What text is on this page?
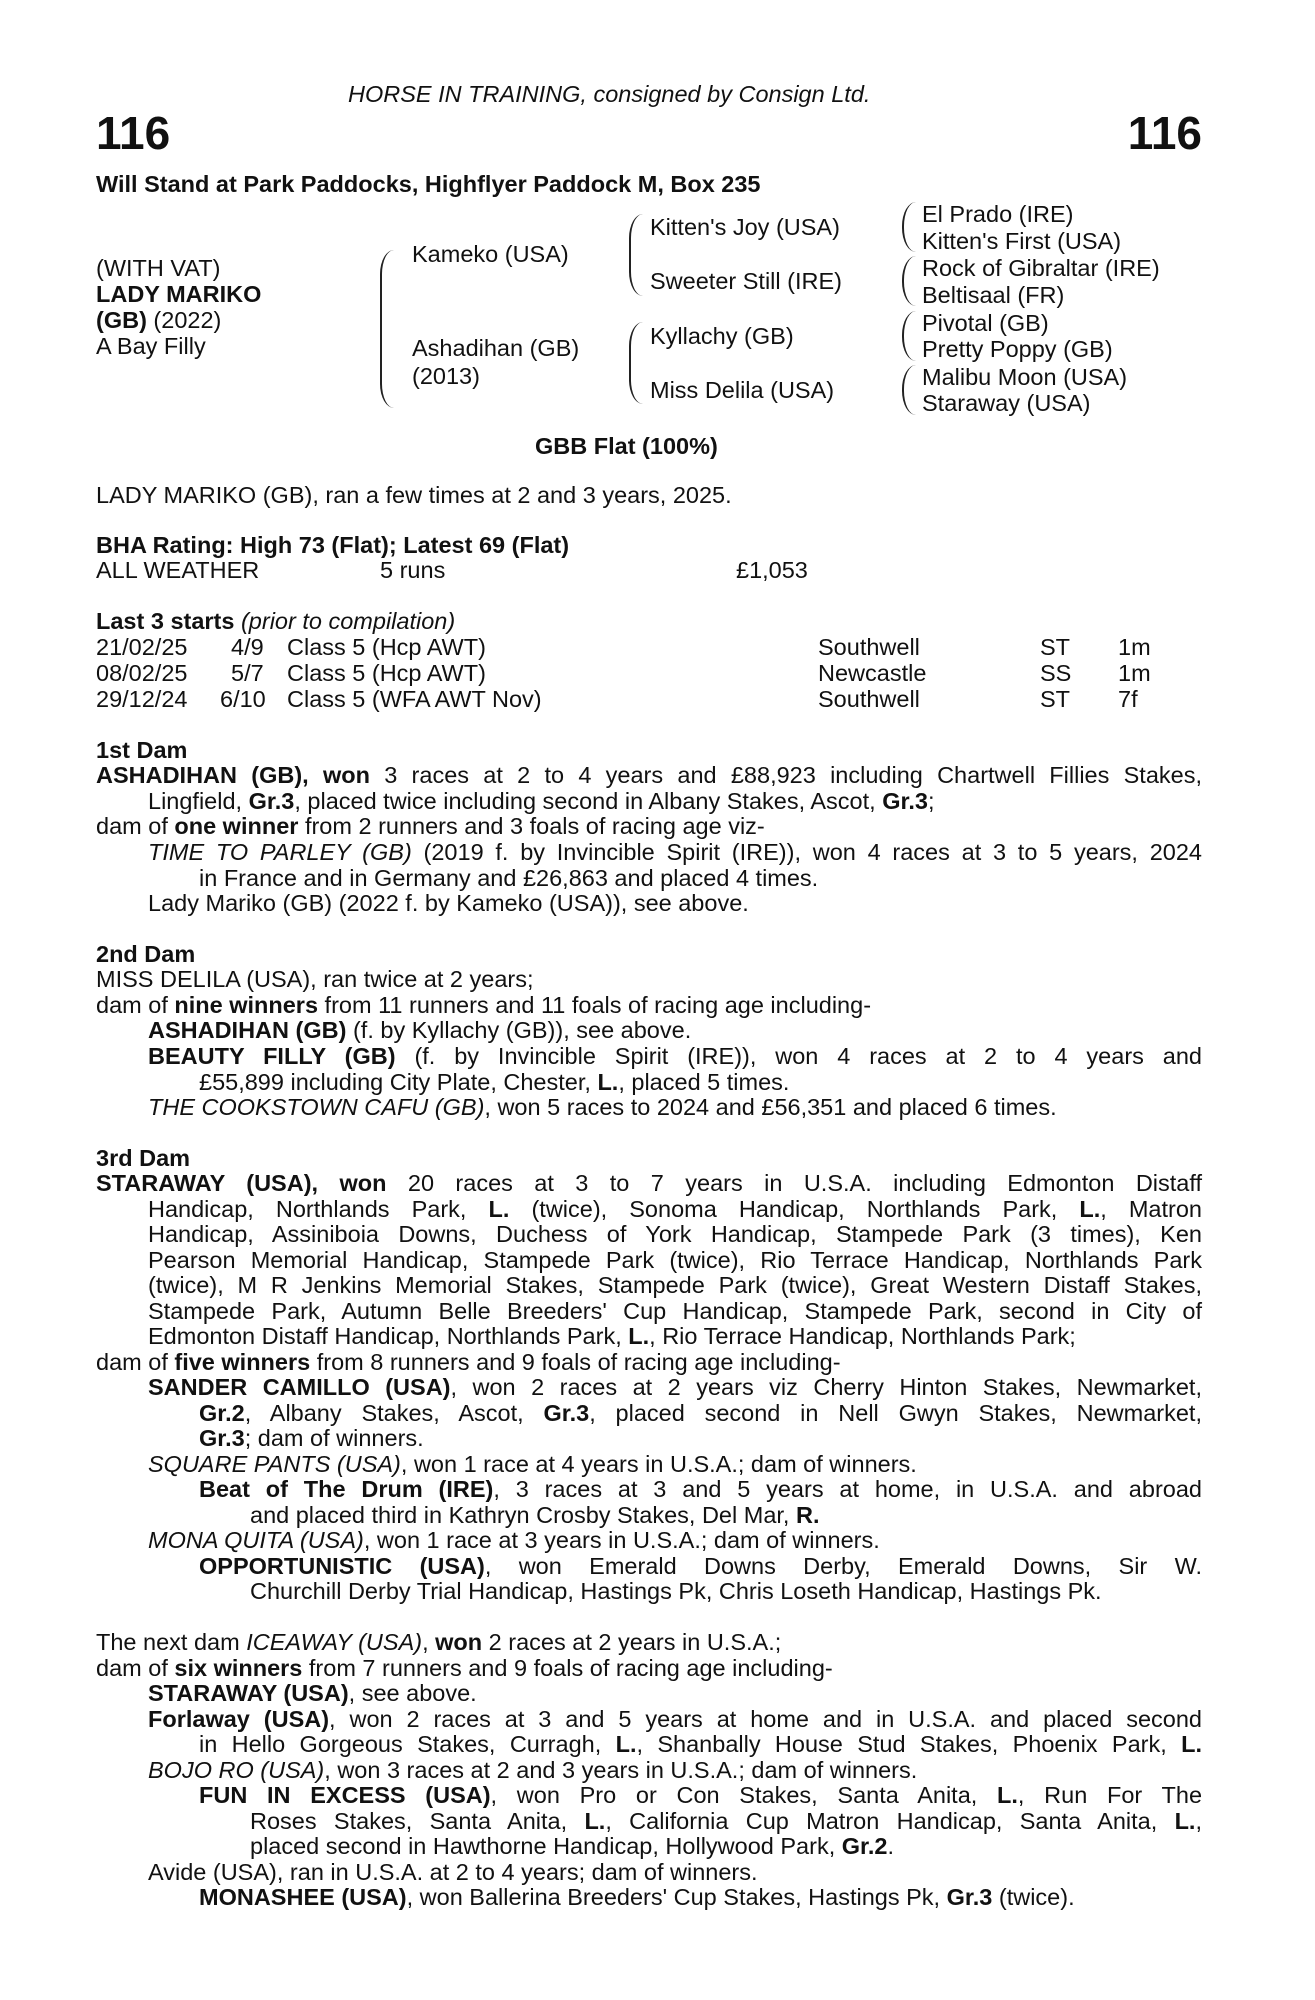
HORSE IN TRAINING, consigned by Consign Ltd.
116	116
Will Stand at Park Paddocks, Highflyer Paddock M, Box 235
(WITH VAT)
LADY MARIKO
(GB) (2022)
A Bay Filly
Kameko (USA)
Ashadihan (GB)
(2013)
Kitten's Joy (USA)
Sweeter Still (IRE)
Kyllachy (GB)
Miss Delila (USA)
El Prado (IRE)
Kitten's First (USA)
Rock of Gibraltar (IRE)
Beltisaal (FR)
Pivotal (GB)
Pretty Poppy (GB)
Malibu Moon (USA)
Staraway (USA)
GBB Flat (100%)
LADY MARIKO (GB), ran a few times at 2 and 3 years, 2025.
BHA Rating: High 73 (Flat); Latest 69 (Flat)
ALL WEATHER	5 runs	£1,053
Last 3 starts (prior to compilation)
21/02/25 4/9 Class 5 (Hcp AWT)	Southwell	ST 1m
08/02/25 5/7 Class 5 (Hcp AWT)	Newcastle	SS 1m
29/12/24 6/10 Class 5 (WFA AWT Nov)	Southwell	ST 7f
1st Dam
ASHADIHAN (GB), won 3 races at 2 to 4 years and £88,923 including Chartwell Fillies Stakes,
Lingfield, Gr.3, placed twice including second in Albany Stakes, Ascot, Gr.3;
dam of one winner from 2 runners and 3 foals of racing age viz-
TIME TO PARLEY (GB) (2019 f. by Invincible Spirit (IRE)), won 4 races at 3 to 5 years, 2024
in France and in Germany and £26,863 and placed 4 times.
Lady Mariko (GB) (2022 f. by Kameko (USA)), see above.
2nd Dam
MISS DELILA (USA), ran twice at 2 years;
dam of nine winners from 11 runners and 11 foals of racing age including-
ASHADIHAN (GB) (f. by Kyllachy (GB)), see above.
BEAUTY FILLY (GB) (f. by Invincible Spirit (IRE)), won 4 races at 2 to 4 years and
£55,899 including City Plate, Chester, L., placed 5 times.
THE COOKSTOWN CAFU (GB), won 5 races to 2024 and £56,351 and placed 6 times.
3rd Dam
STARAWAY (USA), won 20 races at 3 to 7 years in U.S.A. including Edmonton Distaff
Handicap, Northlands Park, L. (twice), Sonoma Handicap, Northlands Park, L., Matron
Handicap, Assiniboia Downs, Duchess of York Handicap, Stampede Park (3 times), Ken
Pearson Memorial Handicap, Stampede Park (twice), Rio Terrace Handicap, Northlands Park
(twice), M R Jenkins Memorial Stakes, Stampede Park (twice), Great Western Distaff Stakes,
Stampede Park, Autumn Belle Breeders' Cup Handicap, Stampede Park, second in City of
Edmonton Distaff Handicap, Northlands Park, L., Rio Terrace Handicap, Northlands Park;
dam of five winners from 8 runners and 9 foals of racing age including-
SANDER CAMILLO (USA), won 2 races at 2 years viz Cherry Hinton Stakes, Newmarket,
Gr.2, Albany Stakes, Ascot, Gr.3, placed second in Nell Gwyn Stakes, Newmarket,
Gr.3; dam of winners.
SQUARE PANTS (USA), won 1 race at 4 years in U.S.A.; dam of winners.
Beat of The Drum (IRE), 3 races at 3 and 5 years at home, in U.S.A. and abroad
and placed third in Kathryn Crosby Stakes, Del Mar, R.
MONA QUITA (USA), won 1 race at 3 years in U.S.A.; dam of winners.
OPPORTUNISTIC (USA), won Emerald Downs Derby, Emerald Downs, Sir W.
Churchill Derby Trial Handicap, Hastings Pk, Chris Loseth Handicap, Hastings Pk.
The next dam ICEAWAY (USA), won 2 races at 2 years in U.S.A.;
dam of six winners from 7 runners and 9 foals of racing age including-
STARAWAY (USA), see above.
Forlaway (USA), won 2 races at 3 and 5 years at home and in U.S.A. and placed second
in Hello Gorgeous Stakes, Curragh, L., Shanbally House Stud Stakes, Phoenix Park, L.
BOJO RO (USA), won 3 races at 2 and 3 years in U.S.A.; dam of winners.
FUN IN EXCESS (USA), won Pro or Con Stakes, Santa Anita, L., Run For The
Roses Stakes, Santa Anita, L., California Cup Matron Handicap, Santa Anita, L.,
placed second in Hawthorne Handicap, Hollywood Park, Gr.2.
Avide (USA), ran in U.S.A. at 2 to 4 years; dam of winners.
MONASHEE (USA), won Ballerina Breeders' Cup Stakes, Hastings Pk, Gr.3 (twice).
